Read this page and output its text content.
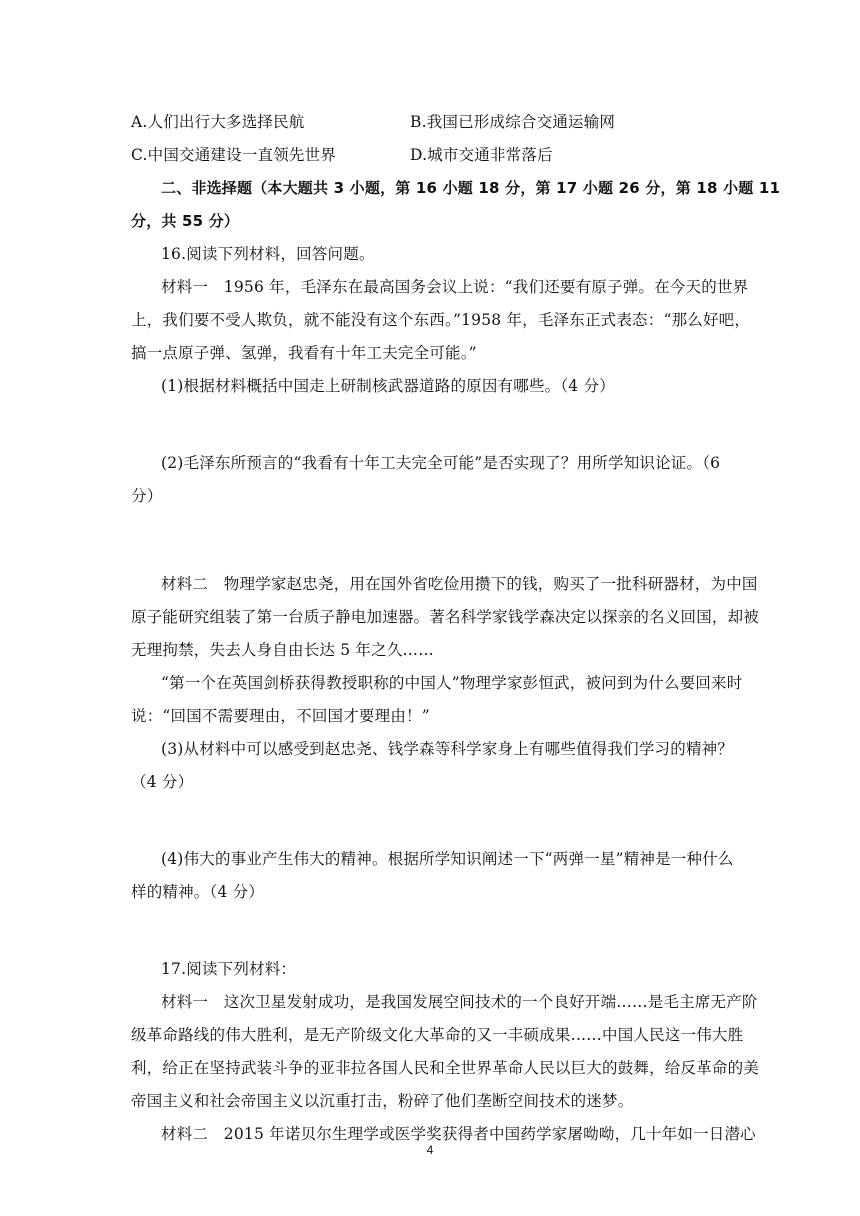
A.人们出行大多选择民航	B.我国已形成综合交通运输网
C.中国交通建设一直领先世界	D.城市交通非常落后
二、非选择题（本大题共 3 小题，第 16 小题 18 分，第 17 小题 26 分，第 18 小题 11
分，共 55 分）
16.阅读下列材料，回答问题。
材料一　1956 年，毛泽东在最高国务会议上说：“我们还要有原子弹。在今天的世界
上，我们要不受人欺负，就不能没有这个东西。”1958 年，毛泽东正式表态：“那么好吧，
搞一点原子弹、氢弹，我看有十年工夫完全可能。”
(1)根据材料概括中国走上研制核武器道路的原因有哪些。（4 分）
(2)毛泽东所预言的“我看有十年工夫完全可能”是否实现了？用所学知识论证。（6
分）
材料二　物理学家赵忠尧，用在国外省吃俭用攒下的钱，购买了一批科研器材，为中国
原子能研究组装了第一台质子静电加速器。著名科学家钱学森决定以探亲的名义回国，却被
无理拘禁，失去人身自由长达 5 年之久……
“第一个在英国剑桥获得教授职称的中国人”物理学家彭恒武，被问到为什么要回来时
说：“回国不需要理由，不回国才要理由！”
(3)从材料中可以感受到赵忠尧、钱学森等科学家身上有哪些值得我们学习的精神？
（4 分）
(4)伟大的事业产生伟大的精神。根据所学知识阐述一下“两弹一星”精神是一种什么
样的精神。（4 分）
17.阅读下列材料：
材料一　这次卫星发射成功，是我国发展空间技术的一个良好开端……是毛主席无产阶
级革命路线的伟大胜利，是无产阶级文化大革命的又一丰硕成果……中国人民这一伟大胜
利，给正在坚持武装斗争的亚非拉各国人民和全世界革命人民以巨大的鼓舞，给反革命的美
帝国主义和社会帝国主义以沉重打击，粉碎了他们垄断空间技术的迷梦。
材料二　2015 年诺贝尔生理学或医学奖获得者中国药学家屠呦呦，几十年如一日潜心
4
